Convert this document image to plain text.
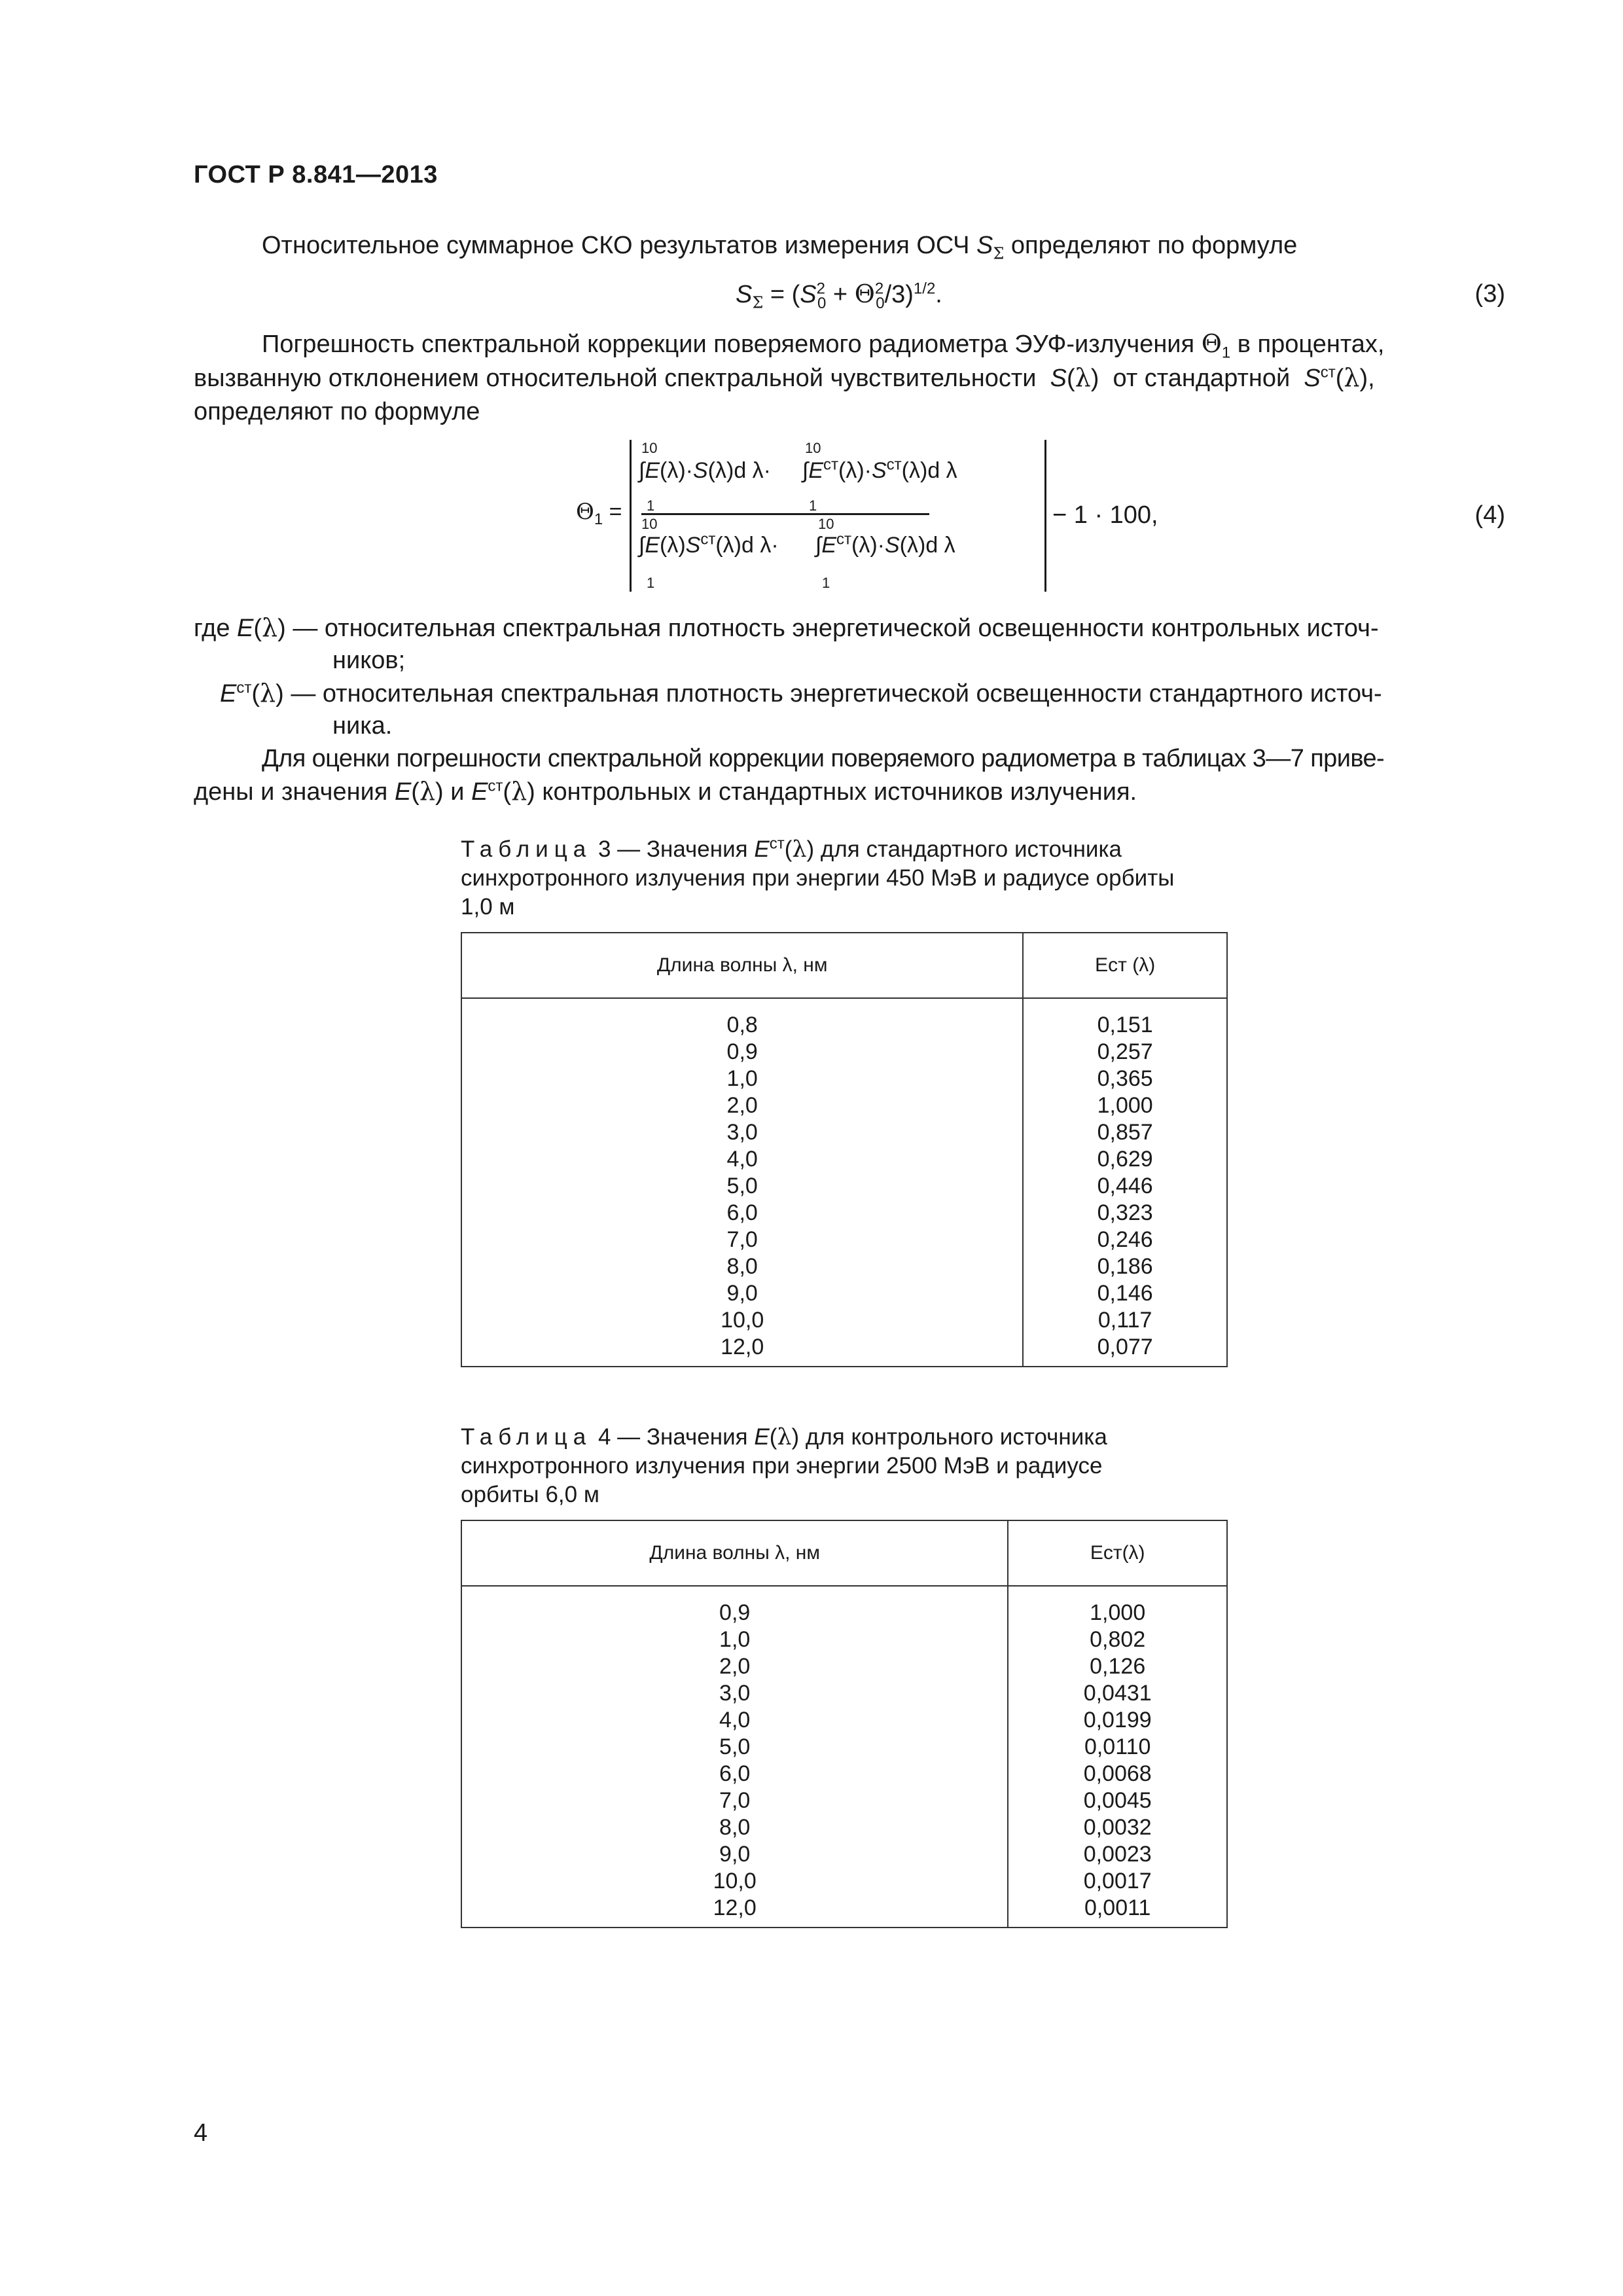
ГОСТ Р 8.841—2013
Относительное суммарное СКО результатов измерения ОСЧ $S_\Sigma$ определяют по формуле
$S_\Sigma = (S^2_0 + \Theta^2_0/3)^{1/2}$.	(3)
Погрешность спектральной коррекции поверяемого радиометра ЭУФ-излучения $\Theta_1$ в процентах,
вызванную отклонением относительной спектральной чувствительности S(λ)  от стандартной $S^{ст}(\lambda)$,
определяют по формуле
$\Theta_1$ =
10
∫E(λ)·S(λ)d λ·
1
10
$\int E^{ст}(\lambda)\cdot S^{ст}(\lambda)d$ λ
1
10
$\int E(\lambda)S^{ст}(\lambda)d$ λ·
1
10
$\int E^{ст}(\lambda)\cdot S(\lambda)d$ λ
1
− 1 · 100,	(4)
где E(λ) — относительная спектральная плотность энергетической освещенности контрольных источ-
ников;
$E^{ст}(\lambda)$ — относительная спектральная плотность энергетической освещенности стандартного источ-
ника.
Для оценки погрешности спектральной коррекции поверяемого радиометра в таблицах 3—7 приве-
дены и значения E(λ) и $E^{ст}(\lambda)$ контрольных и стандартных источников излучения.
Таблица 3 — Значения $E^{ст}(\lambda)$ для стандартного источника
синхротронного излучения при энергии 450 МэВ и радиусе орбиты
1,0 м
Длина волны λ, нм	Eст (λ)
0,8	0,151
0,9	0,257
1,0	0,365
2,0	1,000
3,0	0,857
4,0	0,629
5,0	0,446
6,0	0,323
7,0	0,246
8,0	0,186
9,0	0,146
10,0	0,117
12,0	0,077
Таблица 4 — Значения E(λ) для контрольного источника
синхротронного излучения при энергии 2500 МэВ и радиусе
орбиты 6,0 м
Длина волны λ, нм	Eст(λ)
0,9	1,000
1,0	0,802
2,0	0,126
3,0	0,0431
4,0	0,0199
5,0	0,0110
6,0	0,0068
7,0	0,0045
8,0	0,0032
9,0	0,0023
10,0	0,0017
12,0	0,0011
4
